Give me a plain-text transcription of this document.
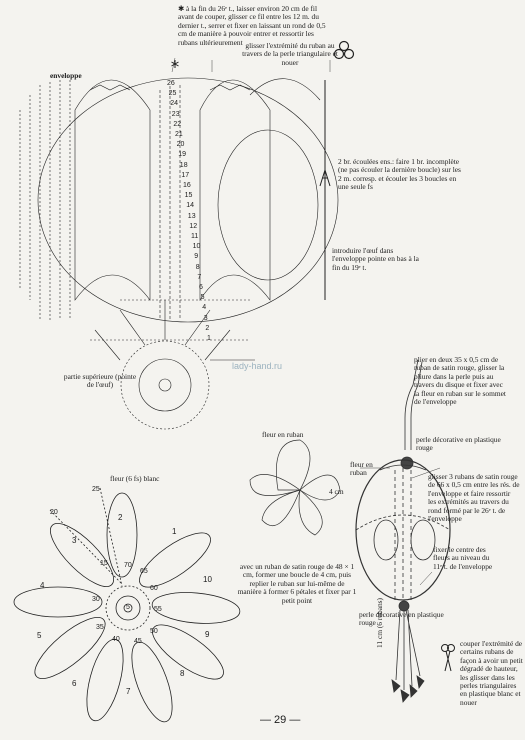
✱ à la fin du 26ᵉ t., laisser environ 20 cm de fil avant de couper, glisser ce fil entre les 12 m. du dernier t., serrer et fixer en laissant un rond de 0,5 cm de manière à pouvoir entrer et ressortir les rubans ultérieurement glisser l'extrémité du ruban au travers de la perle triangulaire et nouer
enveloppe
2 br. écoulées ens.: faire 1 br. incomplète (ne pas écouler la dernière boucle) sur les 2 m. corresp. et écouler les 3 boucles en une seule fs
introduire l'œuf dans l'enveloppe pointe en bas à la fin du 19ᵉ t.
partie supérieure (pointe de l'œuf)
lady-hand.ru
fleur (6 fs) blanc
fleur en ruban
4 cm
avec un ruban de satin rouge de 48 × 1 cm, former une boucle de 4 cm, puis replier le ruban sur lui-même de manière à former 6 pétales et fixer par 1 petit point
plier en deux 35 x 0,5 cm de ruban de satin rouge, glisser la pliure dans la perle puis au travers du disque et fixer avec la fleur en ruban sur le sommet de l'enveloppe
perle décorative en plastique rouge
fleur en ruban	glisser 3 rubans de satin rouge de 66 x 0,5 cm entre les rés. de l'enveloppe et faire ressortir les extrémités au travers du rond formé par le 26ᵉ t. de l'enveloppe
fixer le centre des fleurs au niveau du 11ᵉ t. de l'enveloppe
perle décorative en plastique rouge 11 cm (6 rubans)	couper l'extrémité de certains rubans de façon à avoir un petit dégradé de hauteur, les glisser dans les perles triangulaires en plastique blanc et nouer
— 29 —
26
25
24
23
22
21
20
19
18
17
16
15
14
13
12
11
10
9
8
7
6
5
4
3
2
1
1
2
3
4
5
6
7
8
9
10
25
20
15
30
35
40 45
50
55
60
65
70
5
